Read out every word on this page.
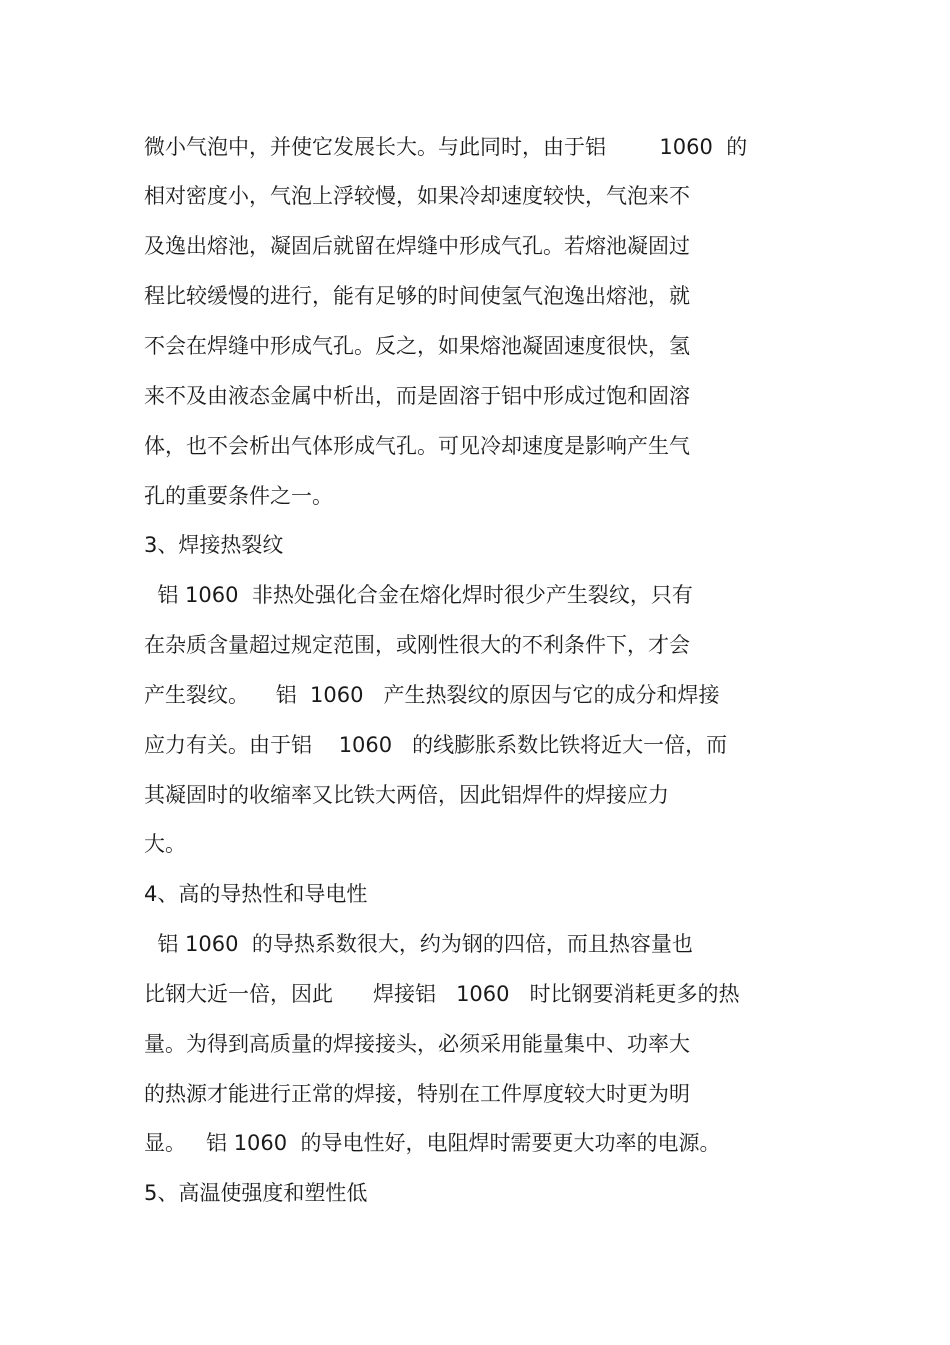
微小气泡中，并使它发展长大。与此同时，由于铝        1060  的
相对密度小，气泡上浮较慢，如果冷却速度较快，气泡来不
及逸出熔池，凝固后就留在焊缝中形成气孔。若熔池凝固过
程比较缓慢的进行，能有足够的时间使氢气泡逸出熔池，就
不会在焊缝中形成气孔。反之，如果熔池凝固速度很快，氢
来不及由液态金属中析出，而是固溶于铝中形成过饱和固溶
体，也不会析出气体形成气孔。可见冷却速度是影响产生气
孔的重要条件之一。
3、焊接热裂纹
铝 1060  非热处强化合金在熔化焊时很少产生裂纹，只有
在杂质含量超过规定范围，或刚性很大的不利条件下，才会
产生裂纹。    铝  1060   产生热裂纹的原因与它的成分和焊接
应力有关。由于铝    1060   的线膨胀系数比铁将近大一倍，而
其凝固时的收缩率又比铁大两倍，因此铝焊件的焊接应力
大。
4、高的导热性和导电性
铝 1060  的导热系数很大，约为钢的四倍，而且热容量也
比钢大近一倍，因此      焊接铝   1060   时比钢要消耗更多的热
量。为得到高质量的焊接接头，必须采用能量集中、功率大
的热源才能进行正常的焊接，特别在工件厚度较大时更为明
显。   铝 1060  的导电性好，电阻焊时需要更大功率的电源。
5、高温使强度和塑性低
